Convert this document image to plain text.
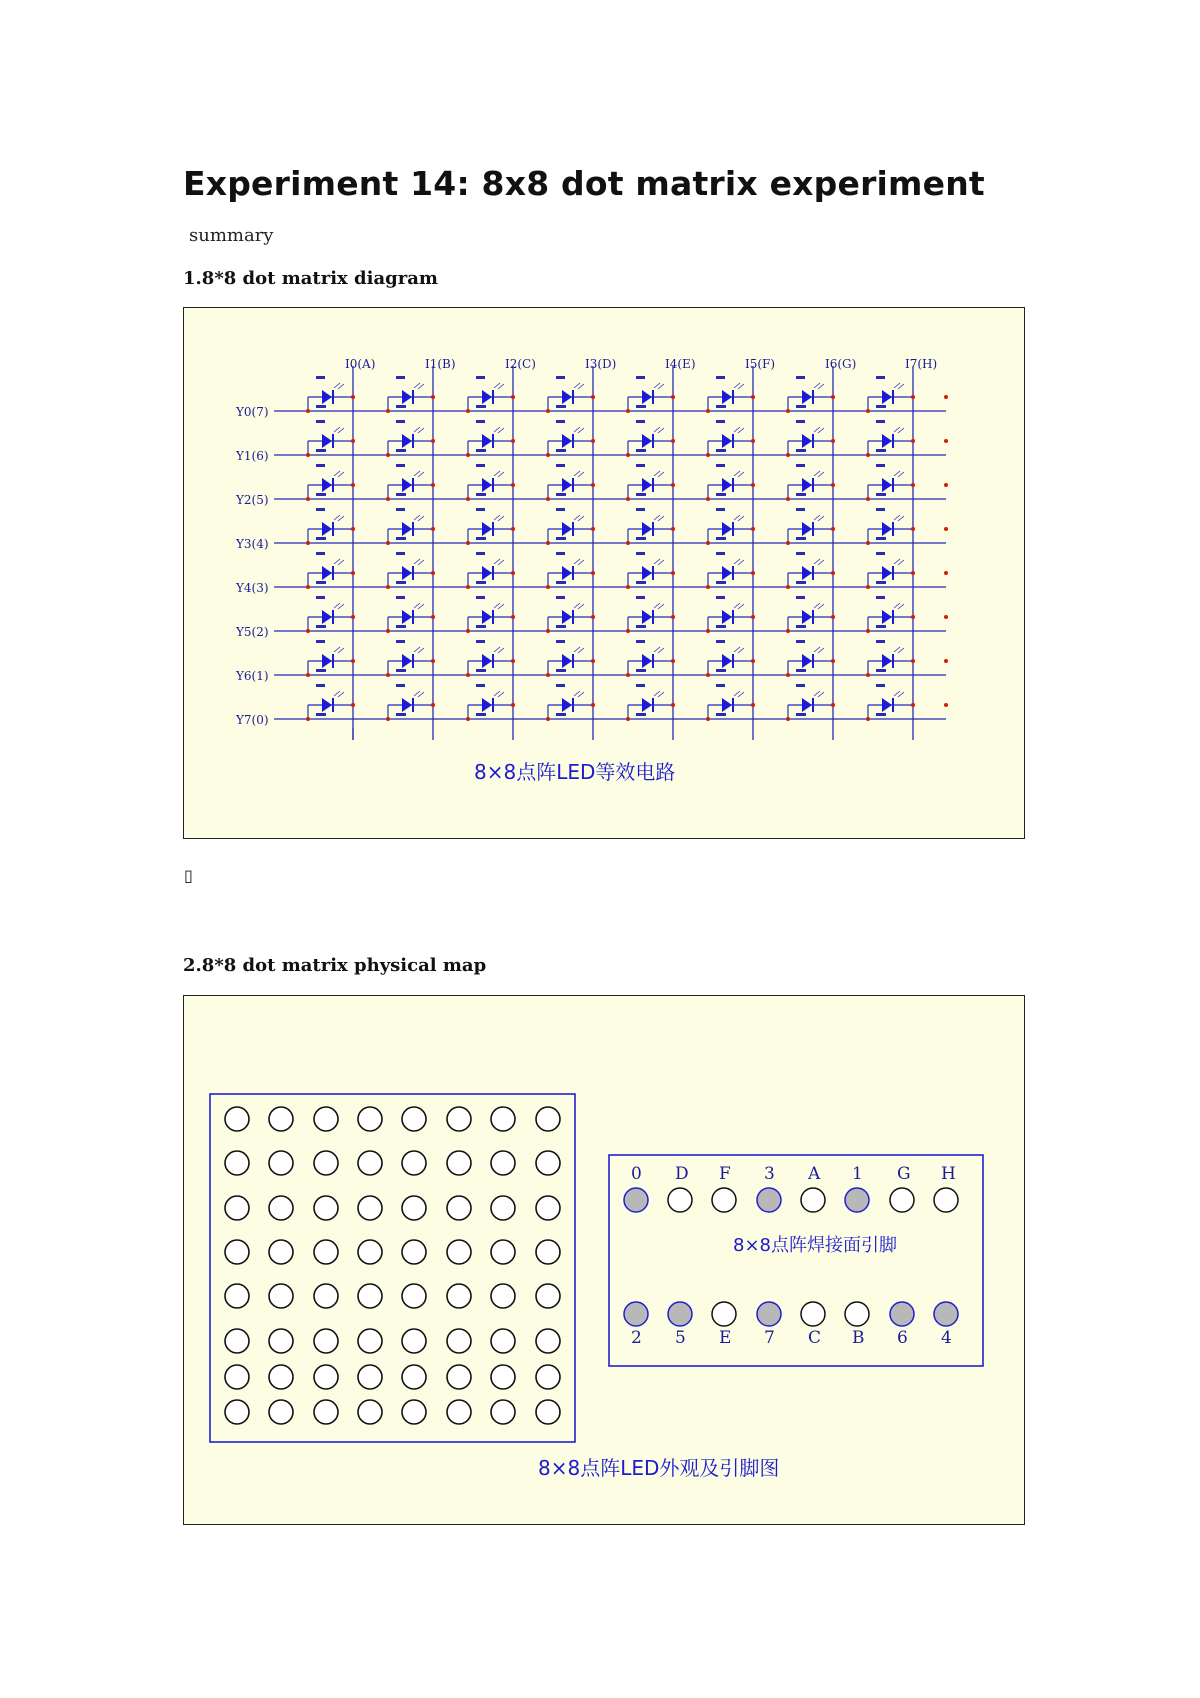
Experiment 14: 8x8 dot matrix experiment
summary
1.8*8 dot matrix diagram
I0(A)	I1(B)	I2(C)	I3(D)	I4(E)	I5(F)	I6(G)	I7(H)
Y0(7)
Y1(6)
Y2(5)
Y3(4)
Y4(3)
Y5(2)
Y6(1)
Y7(0)
8×8点阵LED等效电路
▯
2.8*8 dot matrix physical map
0 D F 3 A 1 G H
8×8点阵焊接面引脚
2 5 E 7 C B 6 4
8×8点阵LED外观及引脚图
